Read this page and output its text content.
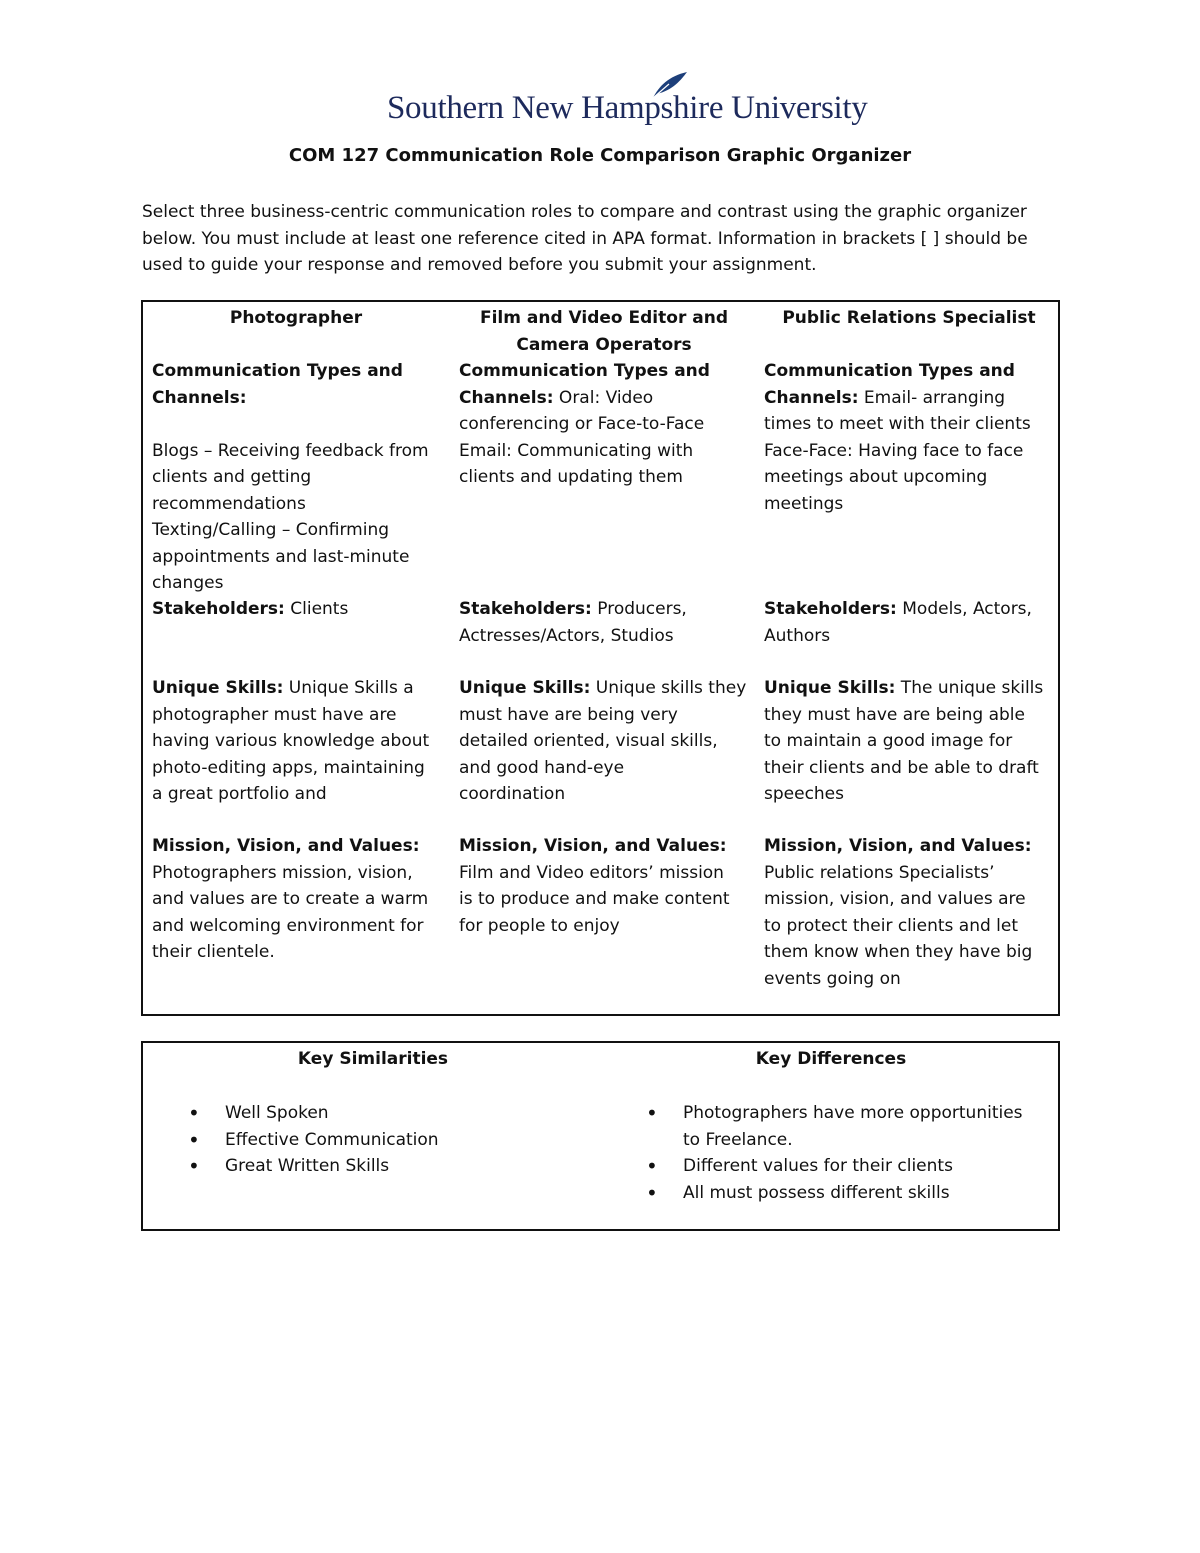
Southern New Hampshire University
COM 127 Communication Role Comparison Graphic Organizer
Select three business-centric communication roles to compare and contrast using the graphic organizer
below. You must include at least one reference cited in APA format. Information in brackets [ ] should be
used to guide your response and removed before you submit your assignment.
Photographer
Communication Types and
Channels:

Blogs – Receiving feedback from
clients and getting
recommendations
Texting/Calling – Confirming
appointments and last-minute
changes
Stakeholders: Clients
Unique Skills: Unique Skills a
photographer must have are
having various knowledge about
photo-editing apps, maintaining
a great portfolio and
Mission, Vision, and Values:
Photographers mission, vision,
and values are to create a warm
and welcoming environment for
their clientele.
Film and Video Editor and
Camera Operators
Communication Types and
Channels: Oral: Video
conferencing or Face-to-Face
Email: Communicating with
clients and updating them
Stakeholders: Producers,
Actresses/Actors, Studios
Unique Skills: Unique skills they
must have are being very
detailed oriented, visual skills,
and good hand-eye
coordination
Mission, Vision, and Values:
Film and Video editors’ mission
is to produce and make content
for people to enjoy
Public Relations Specialist
Communication Types and
Channels: Email- arranging
times to meet with their clients
Face-Face: Having face to face
meetings about upcoming
meetings
Stakeholders: Models, Actors,
Authors
Unique Skills: The unique skills
they must have are being able
to maintain a good image for
their clients and be able to draft
speeches
Mission, Vision, and Values:
Public relations Specialists’
mission, vision, and values are
to protect their clients and let
them know when they have big
events going on
Key Similarities
• Well Spoken
• Effective Communication
• Great Written Skills
Key Differences
• Photographers have more opportunities
to Freelance.
• Different values for their clients
• All must possess different skills
